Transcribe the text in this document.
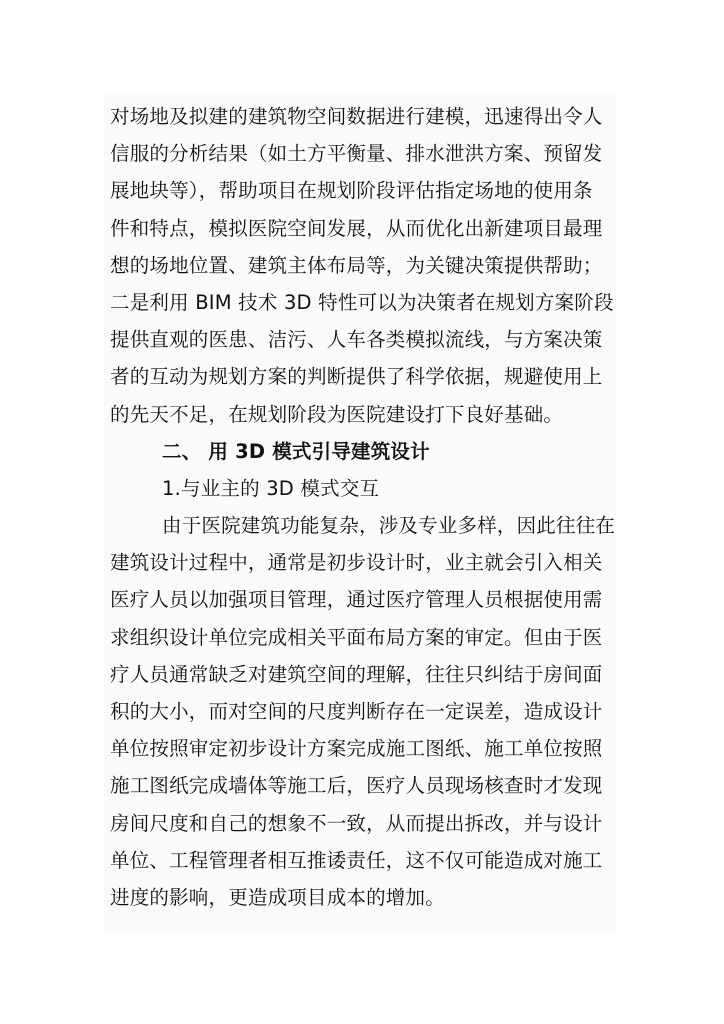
对场地及拟建的建筑物空间数据进行建模，迅速得出令人
信服的分析结果（如土方平衡量、排水泄洪方案、预留发
展地块等），帮助项目在规划阶段评估指定场地的使用条
件和特点，模拟医院空间发展，从而优化出新建项目最理
想的场地位置、建筑主体布局等，为关键决策提供帮助；
二是利用 BIM 技术 3D 特性可以为决策者在规划方案阶段
提供直观的医患、洁污、人车各类模拟流线，与方案决策
者的互动为规划方案的判断提供了科学依据，规避使用上
的先天不足，在规划阶段为医院建设打下良好基础。
二、 用 3D 模式引导建筑设计
1.与业主的 3D 模式交互
由于医院建筑功能复杂，涉及专业多样，因此往往在
建筑设计过程中，通常是初步设计时，业主就会引入相关
医疗人员以加强项目管理，通过医疗管理人员根据使用需
求组织设计单位完成相关平面布局方案的审定。但由于医
疗人员通常缺乏对建筑空间的理解，往往只纠结于房间面
积的大小，而对空间的尺度判断存在一定误差，造成设计
单位按照审定初步设计方案完成施工图纸、施工单位按照
施工图纸完成墙体等施工后，医疗人员现场核查时才发现
房间尺度和自己的想象不一致，从而提出拆改，并与设计
单位、工程管理者相互推诿责任，这不仅可能造成对施工
进度的影响，更造成项目成本的增加。
